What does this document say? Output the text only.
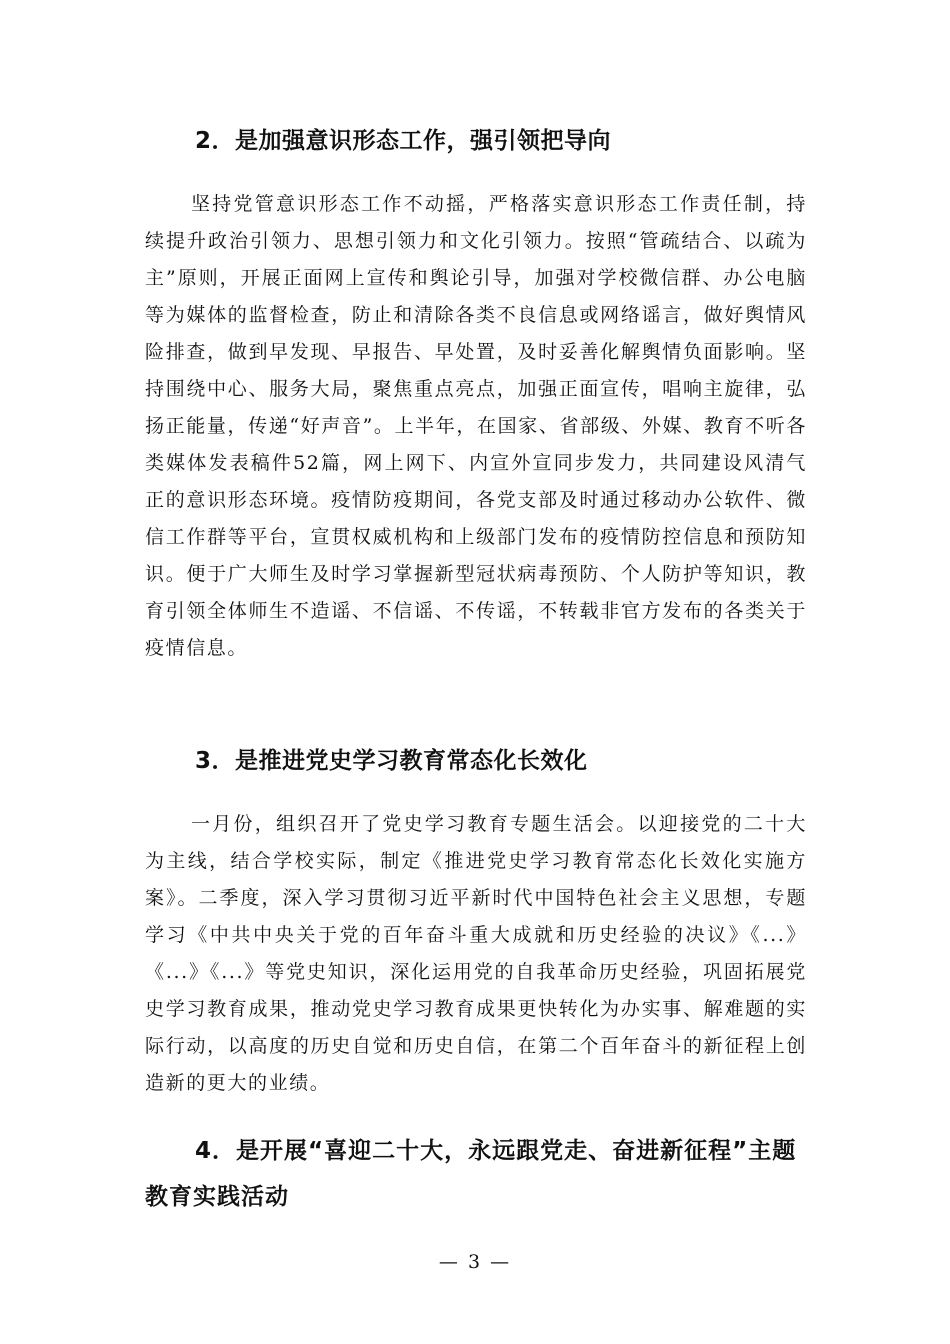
2．是加强意识形态工作，强引领把导向

坚持党管意识形态工作不动摇，严格落实意识形态工作责任制，持续提升政治引领力、思想引领力和文化引领力。按照“管疏结合、以疏为主”原则，开展正面网上宣传和舆论引导，加强对学校微信群、办公电脑等为媒体的监督检查，防止和清除各类不良信息或网络谣言，做好舆情风险排查，做到早发现、早报告、早处置，及时妥善化解舆情负面影响。坚持围绕中心、服务大局，聚焦重点亮点，加强正面宣传，唱响主旋律，弘扬正能量，传递“好声音”。上半年，在国家、省部级、外媒、教育不听各类媒体发表稿件52篇，网上网下、内宣外宣同步发力，共同建设风清气正的意识形态环境。疫情防疫期间，各党支部及时通过移动办公软件、微信工作群等平台，宣贯权威机构和上级部门发布的疫情防控信息和预防知识。便于广大师生及时学习掌握新型冠状病毒预防、个人防护等知识，教育引领全体师生不造谣、不信谣、不传谣，不转载非官方发布的各类关于疫情信息。

3．是推进党史学习教育常态化长效化

一月份，组织召开了党史学习教育专题生活会。以迎接党的二十大为主线，结合学校实际，制定《推进党史学习教育常态化长效化实施方案》。二季度，深入学习贯彻习近平新时代中国特色社会主义思想，专题学习《中共中央关于党的百年奋斗重大成就和历史经验的决议》《...》《...》《...》等党史知识，深化运用党的自我革命历史经验，巩固拓展党史学习教育成果，推动党史学习教育成果更快转化为办实事、解难题的实际行动，以高度的历史自觉和历史自信，在第二个百年奋斗的新征程上创造新的更大的业绩。

4．是开展“喜迎二十大，永远跟党走、奋进新征程”主题教育实践活动
— 3 —
